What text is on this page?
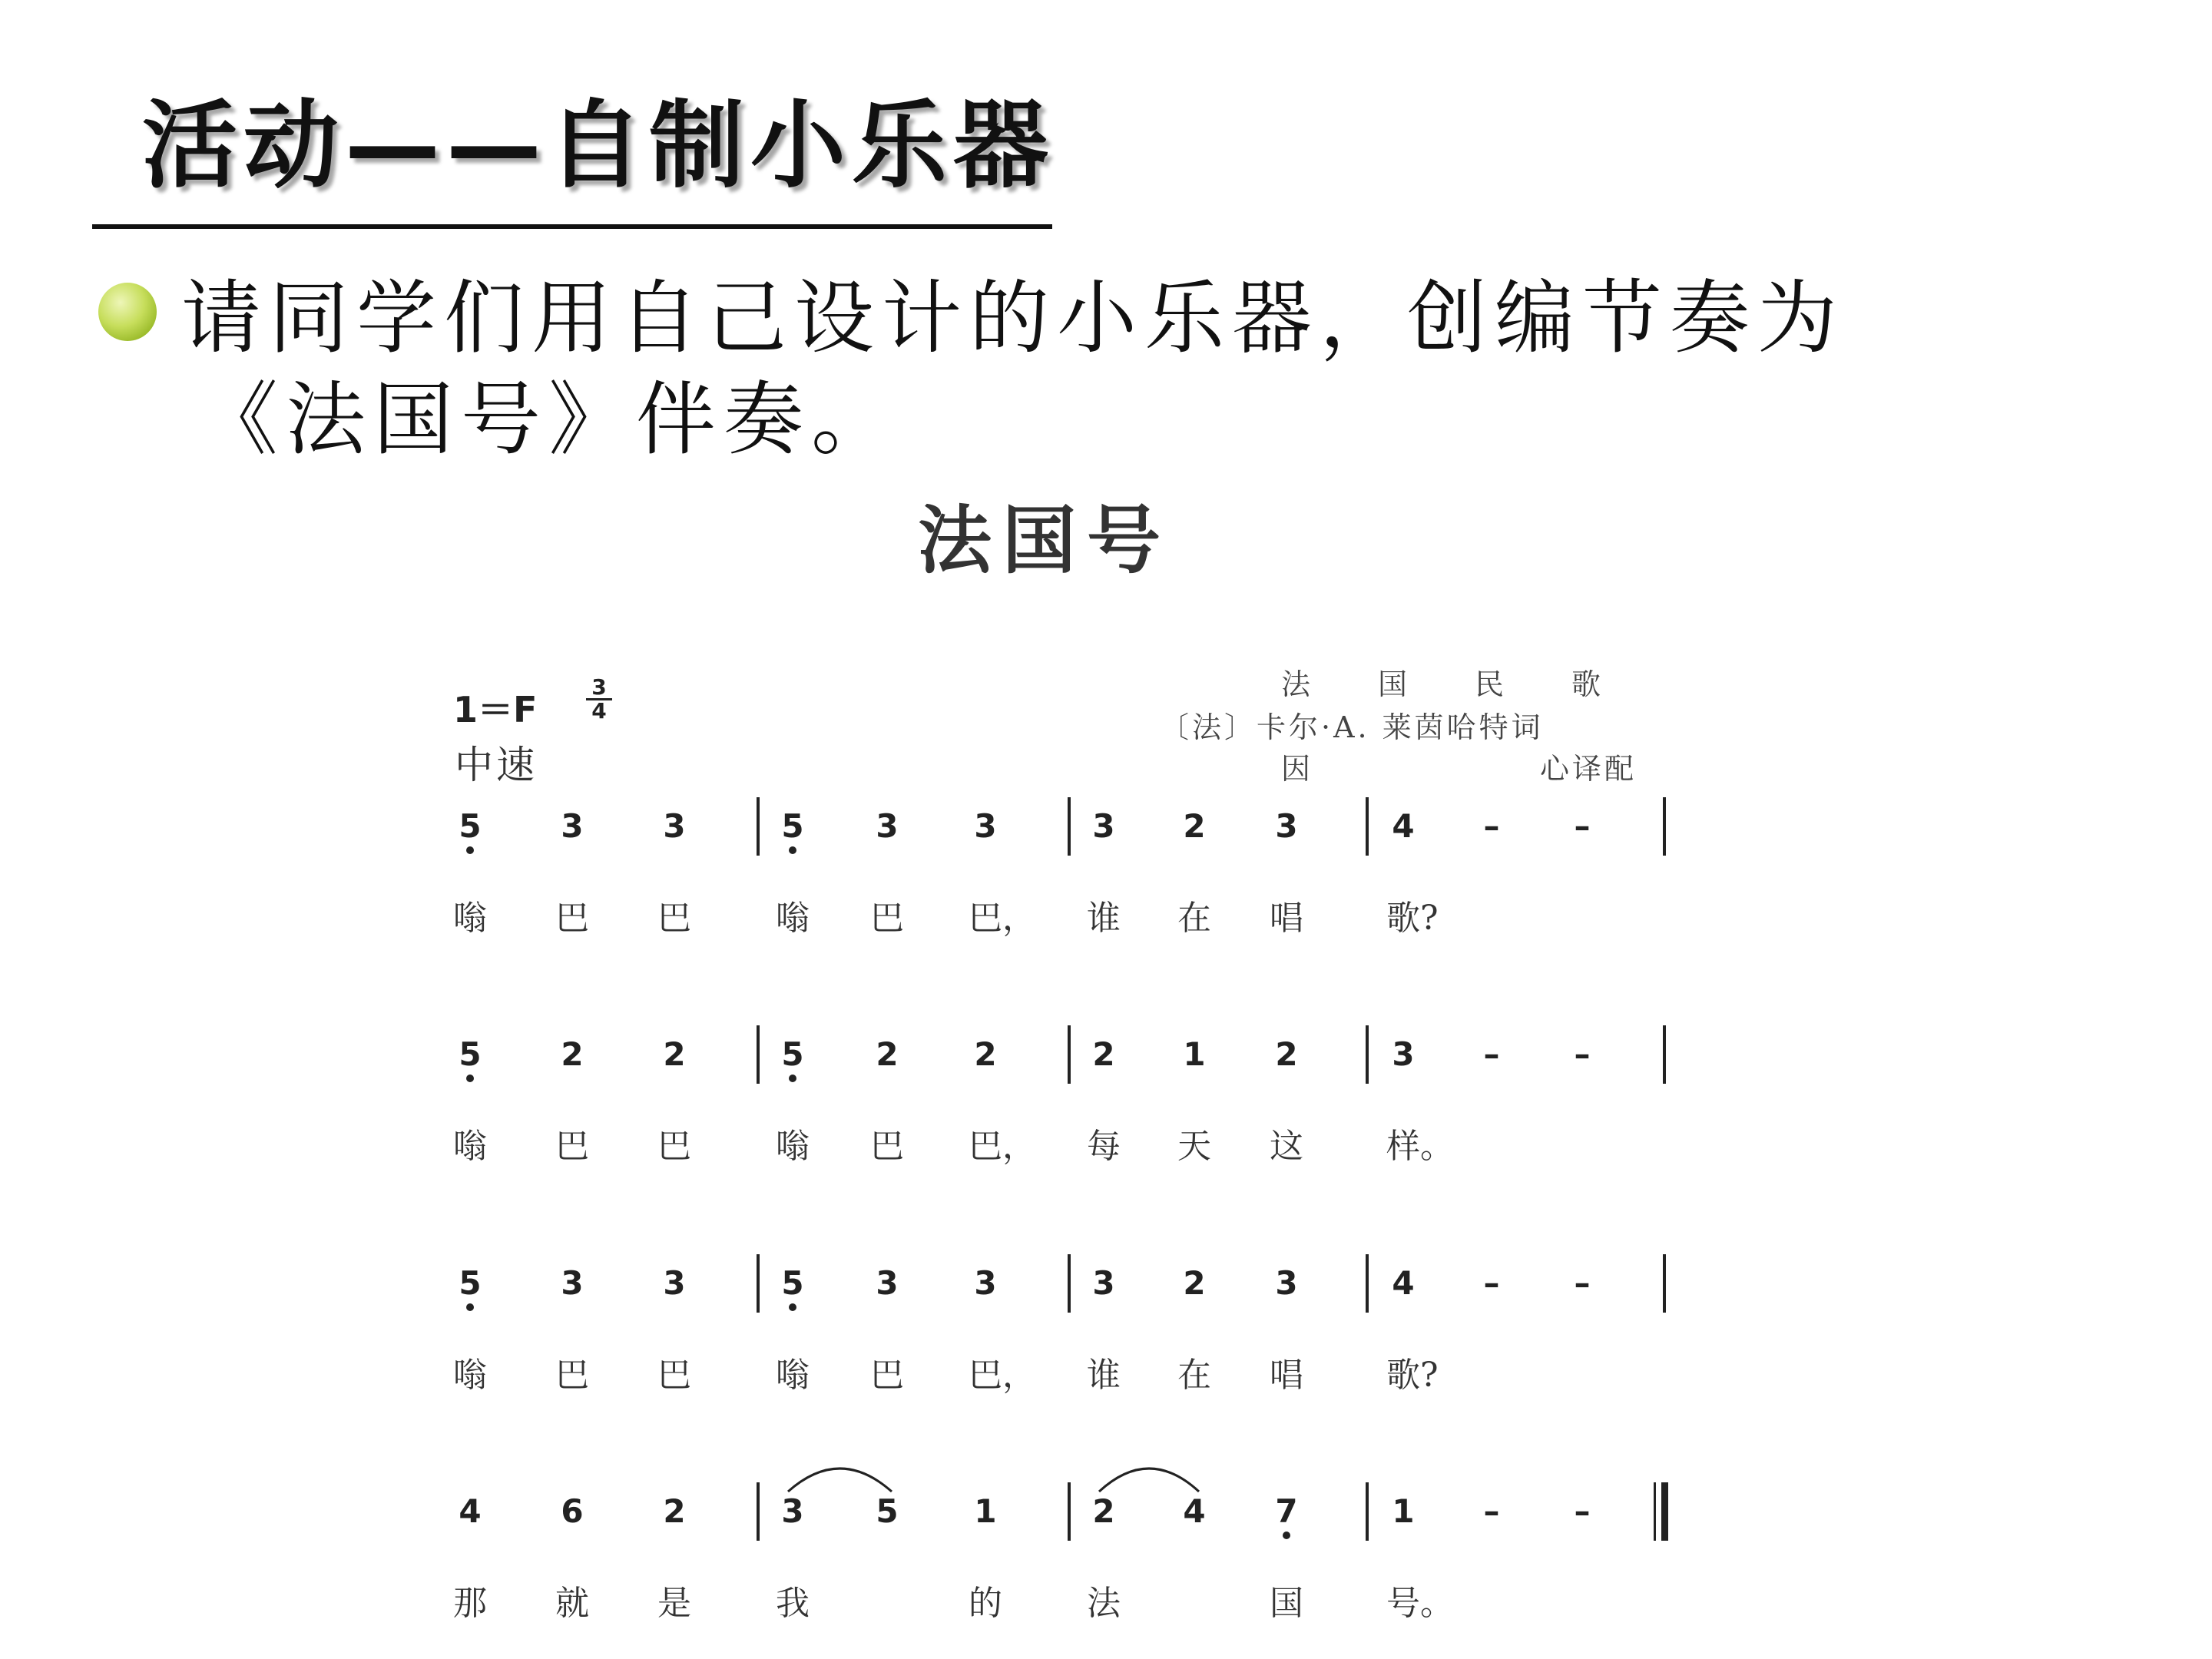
活动——自制小乐器
请同学们用自己设计的小乐器，创编节奏为
《法国号》伴奏。
法国号
1＝F
3
4
中速
法　　国　　民　　歌
〔法〕卡尔·A. 莱茵哈特词
因	心译配
5 3 3	5 3 3	3 2 3	4 – –
嗡 巴 巴	嗡 巴 巴， 谁 在 唱 歌?
5 2 2	5 2 2	2 1 2	3 – –
嗡 巴 巴	嗡 巴 巴， 每 天 这 样。
5 3 3	5 3 3	3 2 3	4 – –
嗡 巴 巴	嗡 巴 巴， 谁 在 唱 歌?
4 6 2	3 5 1	2 4 7	1 – –
那 就 是	我	的	法	国 号。
